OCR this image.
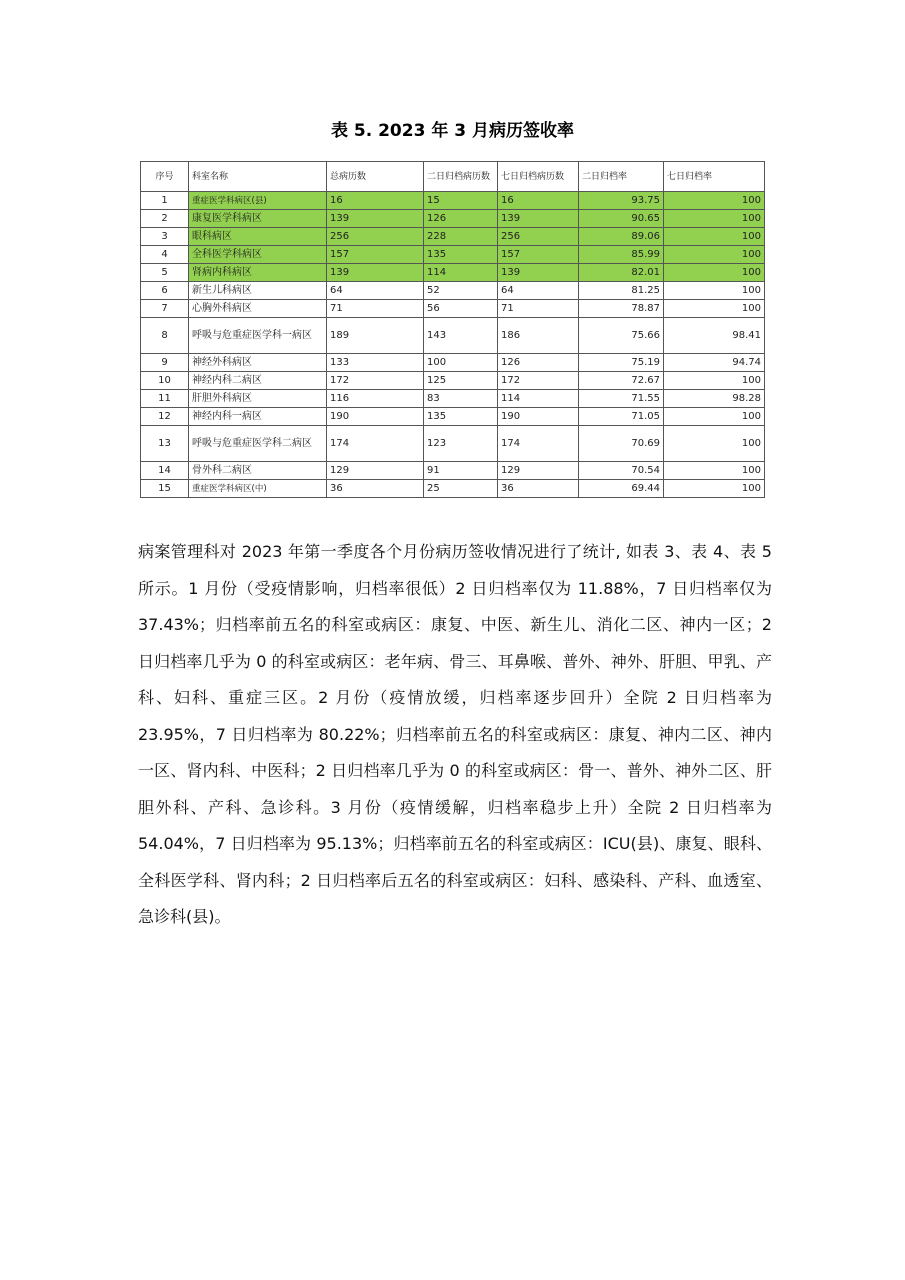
表 5. 2023 年 3 月病历签收率
序号	科室名称	总病历数	二日归档病历数	七日归档病历数	二日归档率	七日归档率
1	重症医学科病区(县)	16	15	16	93.75	100
2	康复医学科病区	139	126	139	90.65	100
3	眼科病区	256	228	256	89.06	100
4	全科医学科病区	157	135	157	85.99	100
5	肾病内科病区	139	114	139	82.01	100
6	新生儿科病区	64	52	64	81.25	100
7	心胸外科病区	71	56	71	78.87	100
8	呼吸与危重症医学科一病区	189	143	186	75.66	98.41
9	神经外科病区	133	100	126	75.19	94.74
10	神经内科二病区	172	125	172	72.67	100
11	肝胆外科病区	116	83	114	71.55	98.28
12	神经内科一病区	190	135	190	71.05	100
13	呼吸与危重症医学科二病区	174	123	174	70.69	100
14	骨外科二病区	129	91	129	70.54	100
15	重症医学科病区(中)	36	25	36	69.44	100
病案管理科对 2023 年第一季度各个月份病历签收情况进行了统计, 如表 3、表 4、表 5 所示。1 月份（受疫情影响，归档率很低）2 日归档率仅为 11.88%，7 日归档率仅为 37.43%；归档率前五名的科室或病区：康复、中医、新生儿、消化二区、神内一区；2 日归档率几乎为 0 的科室或病区：老年病、骨三、耳鼻喉、普外、神外、肝胆、甲乳、产科、妇科、重症三区。2 月份（疫情放缓，归档率逐步回升）全院 2 日归档率为 23.95%，7 日归档率为 80.22%；归档率前五名的科室或病区：康复、神内二区、神内一区、肾内科、中医科；2 日归档率几乎为 0 的科室或病区：骨一、普外、神外二区、肝胆外科、产科、急诊科。3 月份（疫情缓解，归档率稳步上升）全院 2 日归档率为 54.04%，7 日归档率为 95.13%；归档率前五名的科室或病区：ICU(县)、康复、眼科、全科医学科、肾内科；2 日归档率后五名的科室或病区：妇科、感染科、产科、血透室、急诊科(县)。
